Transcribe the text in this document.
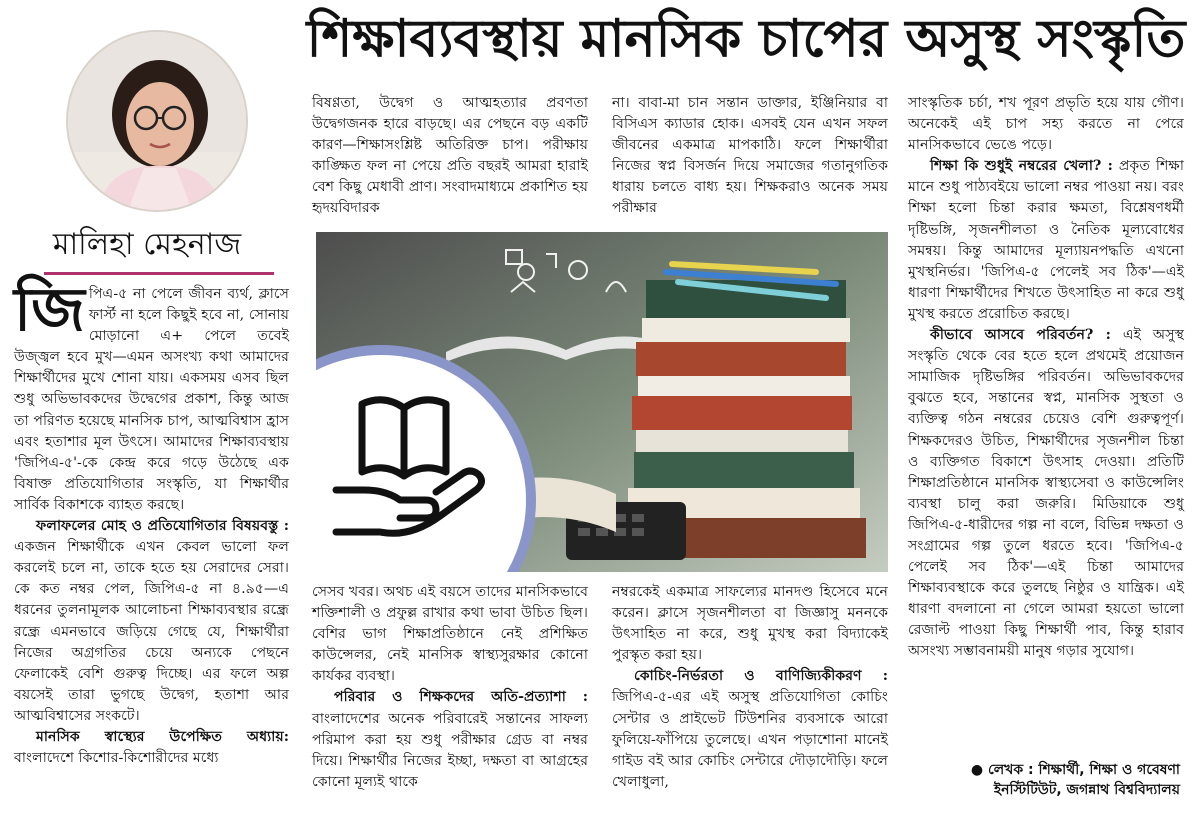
শিক্ষাব্যবস্থায় মানসিক চাপের অসুস্থ সংস্কৃতি
মালিহা মেহনাজ

জিপিএ-৫ না পেলে জীবন ব্যর্থ, ক্লাসে ফার্স্ট না হলে কিছুই হবে না, সোনায় মোড়ানো এ+ পেলে তবেই উজ্জ্বল হবে মুখ—এমন অসংখ্য কথা আমাদের শিক্ষার্থীদের মুখে শোনা যায়। একসময় এসব ছিল শুধু অভিভাবকদের উদ্বেগের প্রকাশ, কিন্তু আজ তা পরিণত হয়েছে মানসিক চাপ, আত্মবিশ্বাস হ্রাস এবং হতাশার মূল উৎসে। আমাদের শিক্ষাব্যবস্থায় 'জিপিএ-৫'-কে কেন্দ্র করে গড়ে উঠেছে এক বিষাক্ত প্রতিযোগিতার সংস্কৃতি, যা শিক্ষার্থীর সার্বিক বিকাশকে ব্যাহত করছে।

ফলাফলের মোহ ও প্রতিযোগিতার বিষয়বস্তু : একজন শিক্ষার্থীকে এখন কেবল ভালো ফল করলেই চলে না, তাকে হতে হয় সেরাদের সেরা। কে কত নম্বর পেল, জিপিএ-৫ না ৪.৯৫—এ ধরনের তুলনামূলক আলোচনা শিক্ষাব্যবস্থার রন্ধ্রে রন্ধ্রে এমনভাবে জড়িয়ে গেছে যে, শিক্ষার্থীরা নিজের অগ্রগতির চেয়ে অন্যকে পেছনে ফেলাকেই বেশি গুরুত্ব দিচ্ছে। এর ফলে অল্প বয়সেই তারা ভুগছে উদ্বেগ, হতাশা আর আত্মবিশ্বাসের সংকটে।

মানসিক স্বাস্থ্যের উপেক্ষিত অধ্যায়: বাংলাদেশে কিশোর-কিশোরীদের মধ্যে

বিষণ্ণতা, উদ্বেগ ও আত্মহত্যার প্রবণতা উদ্বেগজনক হারে বাড়ছে। এর পেছনে বড় একটি কারণ—শিক্ষাসংশ্লিষ্ট অতিরিক্ত চাপ। পরীক্ষায় কাঙ্ক্ষিত ফল না পেয়ে প্রতি বছরই আমরা হারাই বেশ কিছু মেধাবী প্রাণ। সংবাদমাধ্যমে প্রকাশিত হয় হৃদয়বিদারক

না। বাবা-মা চান সন্তান ডাক্তার, ইঞ্জিনিয়ার বা বিসিএস ক্যাডার হোক। এসবই যেন এখন সফল জীবনের একমাত্র মাপকাঠি। ফলে শিক্ষার্থীরা নিজের স্বপ্ন বিসর্জন দিয়ে সমাজের গতানুগতিক ধারায় চলতে বাধ্য হয়। শিক্ষকরাও অনেক সময় পরীক্ষার

সেসব খবর। অথচ এই বয়সে তাদের মানসিকভাবে শক্তিশালী ও প্রফুল্ল রাখার কথা ভাবা উচিত ছিল। বেশির ভাগ শিক্ষাপ্রতিষ্ঠানে নেই প্রশিক্ষিত কাউন্সেলর, নেই মানসিক স্বাস্থ্যসুরক্ষার কোনো কার্যকর ব্যবস্থা।

পরিবার ও শিক্ষকদের অতি-প্রত্যাশা : বাংলাদেশের অনেক পরিবারেই সন্তানের সাফল্য পরিমাপ করা হয় শুধু পরীক্ষার গ্রেড বা নম্বর দিয়ে। শিক্ষার্থীর নিজের ইচ্ছা, দক্ষতা বা আগ্রহের কোনো মূল্যই থাকে

নম্বরকেই একমাত্র সাফল্যের মানদণ্ড হিসেবে মনে করেন। ক্লাসে সৃজনশীলতা বা জিজ্ঞাসু মননকে উৎসাহিত না করে, শুধু মুখস্থ করা বিদ্যাকেই পুরস্কৃত করা হয়।

কোচিং-নির্ভরতা ও বাণিজ্যিকীকরণ : জিপিএ-৫-এর এই অসুস্থ প্রতিযোগিতা কোচিং সেন্টার ও প্রাইভেট টিউশনির ব্যবসাকে আরো ফুলিয়ে-ফাঁপিয়ে তুলেছে। এখন পড়াশোনা মানেই গাইড বই আর কোচিং সেন্টারে দৌড়াদৌড়ি। ফলে খেলাধুলা,

সাংস্কৃতিক চর্চা, শখ পূরণ প্রভৃতি হয়ে যায় গৌণ। অনেকেই এই চাপ সহ্য করতে না পেরে মানসিকভাবে ভেঙে পড়ে।

শিক্ষা কি শুধুই নম্বরের খেলা? : প্রকৃত শিক্ষা মানে শুধু পাঠ্যবইয়ে ভালো নম্বর পাওয়া নয়। বরং শিক্ষা হলো চিন্তা করার ক্ষমতা, বিশ্লেষণধর্মী দৃষ্টিভঙ্গি, সৃজনশীলতা ও নৈতিক মূল্যবোধের সমন্বয়। কিন্তু আমাদের মূল্যায়নপদ্ধতি এখনো মুখস্থনির্ভর। 'জিপিএ-৫ পেলেই সব ঠিক'—এই ধারণা শিক্ষার্থীদের শিখতে উৎসাহিত না করে শুধু মুখস্থ করতে প্ররোচিত করছে।

কীভাবে আসবে পরিবর্তন? : এই অসুস্থ সংস্কৃতি থেকে বের হতে হলে প্রথমেই প্রয়োজন সামাজিক দৃষ্টিভঙ্গির পরিবর্তন। অভিভাবকদের বুঝতে হবে, সন্তানের স্বপ্ন, মানসিক সুস্থতা ও ব্যক্তিত্ব গঠন নম্বরের চেয়েও বেশি গুরুত্বপূর্ণ। শিক্ষকদেরও উচিত, শিক্ষার্থীদের সৃজনশীল চিন্তা ও ব্যক্তিগত বিকাশে উৎসাহ দেওয়া। প্রতিটি শিক্ষাপ্রতিষ্ঠানে মানসিক স্বাস্থ্যসেবা ও কাউন্সেলিং ব্যবস্থা চালু করা জরুরি। মিডিয়াকে শুধু জিপিএ-৫-ধারীদের গল্প না বলে, বিভিন্ন দক্ষতা ও সংগ্রামের গল্প তুলে ধরতে হবে। 'জিপিএ-৫ পেলেই সব ঠিক'—এই চিন্তা আমাদের শিক্ষাব্যবস্থাকে করে তুলছে নিষ্ঠুর ও যান্ত্রিক। এই ধারণা বদলানো না গেলে আমরা হয়তো ভালো রেজাল্ট পাওয়া কিছু শিক্ষার্থী পাব, কিন্তু হারাব অসংখ্য সম্ভাবনাময়ী মানুষ গড়ার সুযোগ।

● লেখক : শিক্ষার্থী, শিক্ষা ও গবেষণা
ইনস্টিটিউট, জগন্নাথ বিশ্ববিদ্যালয়
